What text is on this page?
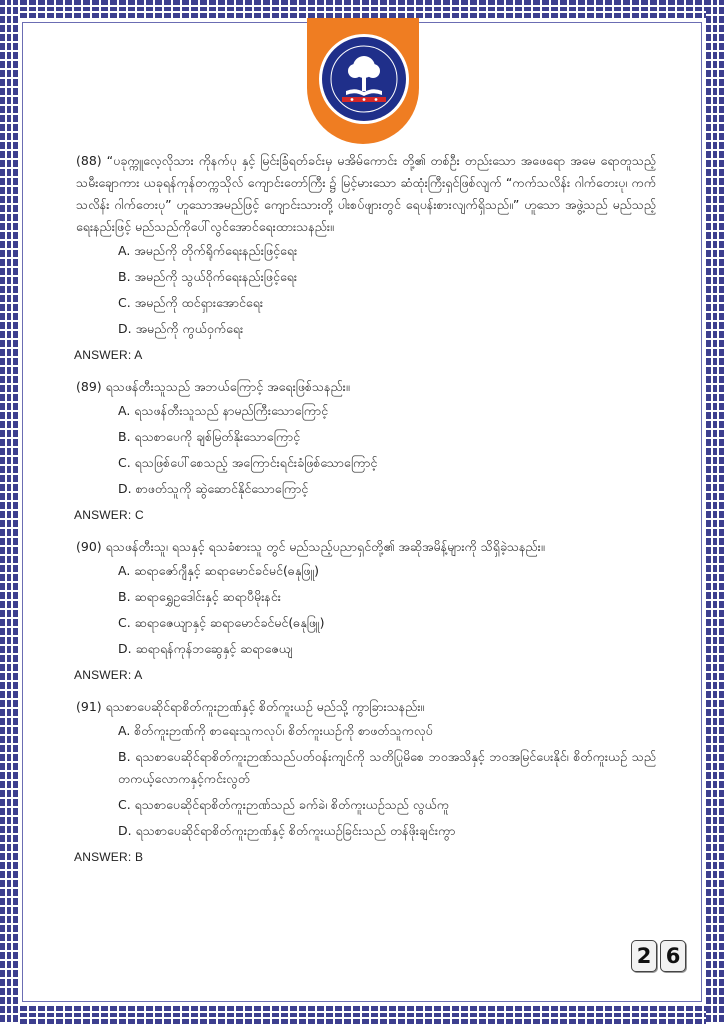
(88) “ပခုက္ကူလေ့လိုသား ကိုနက်ပု နှင့် မြင်းခြံရတ်ခင်းမှ မအိမ်ကောင်း တို့၏ တစ်ဦး တည်းသော အဖေရော အမေ ရောတူသည့် သမီးချောကား ယခုရန်ကုန်တက္ကသိုလ် ကျောင်းတော်ကြီး ၌ မြင့်မားသော ဆံထုံးကြီးရှင်ဖြစ်လျက် “ကက်သလိန်း ဂါက်တေးပု၊ ကက်သလိန်း ဂါက်တေးပု” ဟူသောအမည်ဖြင့် ကျောင်းသားတို့ ပါးစပ်ဖျားတွင် ရေပန်းစားလျက်ရှိသည်။” ဟူသော အဖွဲ့သည် မည်သည့်ရေးနည်းဖြင့် မည်သည်ကိုပေါ်လွင်အောင်ရေးထားသနည်း။

A. အမည်ကို တိုက်ရိုက်ရေးနည်းဖြင့်ရေး
B. အမည်ကို သွယ်ဝိုက်ရေးနည်းဖြင့်ရေး
C. အမည်ကို ထင်ရှားအောင်ရေး
D. အမည်ကို ကွယ်ဝှက်ရေး
ANSWER: A

(89) ရသဖန်တီးသူသည် အဘယ်ကြောင့် အရေးဖြစ်သနည်း။

A. ရသဖန်တီးသူသည် နာမည်ကြီးသောကြောင့်
B. ရသစာပေကို ချစ်မြတ်နိုးသောကြောင့်
C. ရသဖြစ်ပေါ်စေသည့် အကြောင်းရင်းခံဖြစ်သောကြောင့်
D. စာဖတ်သူကို ဆွဲဆောင်နိုင်သောကြောင့်
ANSWER: C

(90) ရသဖန်တီးသူ၊ ရသနှင့် ရသခံစားသူ တွင် မည်သည့်ပညာရှင်တို့၏ အဆိုအမိန့်များကို သိရှိခဲ့သနည်း။

A. ဆရာဇော်ဂျီနှင့် ဆရာမောင်ခင်မင်(ဓနုဖြူ)
B. ဆရာရွှေဥဒေါင်းနှင့် ဆရာပီမိုးနင်း
C. ဆရာဇေယျာနှင့် ဆရာမောင်ခင်မင်(ဓနုဖြူ)
D. ဆရာရန်ကုန်ဘဆွေနှင့် ဆရာဇေယျ
ANSWER: A

(91) ရသစာပေဆိုင်ရာစိတ်ကူးဉာဏ်နှင့် စိတ်ကူးယဉ် မည်သို့ ကွာခြားသနည်း။

A. စိတ်ကူးဉာဏ်ကို စာရေးသူကလုပ်၊ စိတ်ကူးယဉ်ကို စာဖတ်သူကလုပ်
B. ရသစာပေဆိုင်ရာစိတ်ကူးဉာဏ်သည်ပတ်ဝန်းကျင်ကို သတိပြုမိစေ ဘဝအသိနှင့် ဘဝအမြင်ပေးနိုင်၊ စိတ်ကူးယဉ် သည် တကယ့်လောကနှင့်ကင်းလွတ်
C. ရသစာပေဆိုင်ရာစိတ်ကူးဉာဏ်သည် ခက်ခဲ၊ စိတ်ကူးယဉ်သည် လွယ်ကူ
D. ရသစာပေဆိုင်ရာစိတ်ကူးဉာဏ်နှင့် စိတ်ကူးယဉ်ခြင်းသည် တန်ဖိုးချင်းကွာ
ANSWER: B
2 6
